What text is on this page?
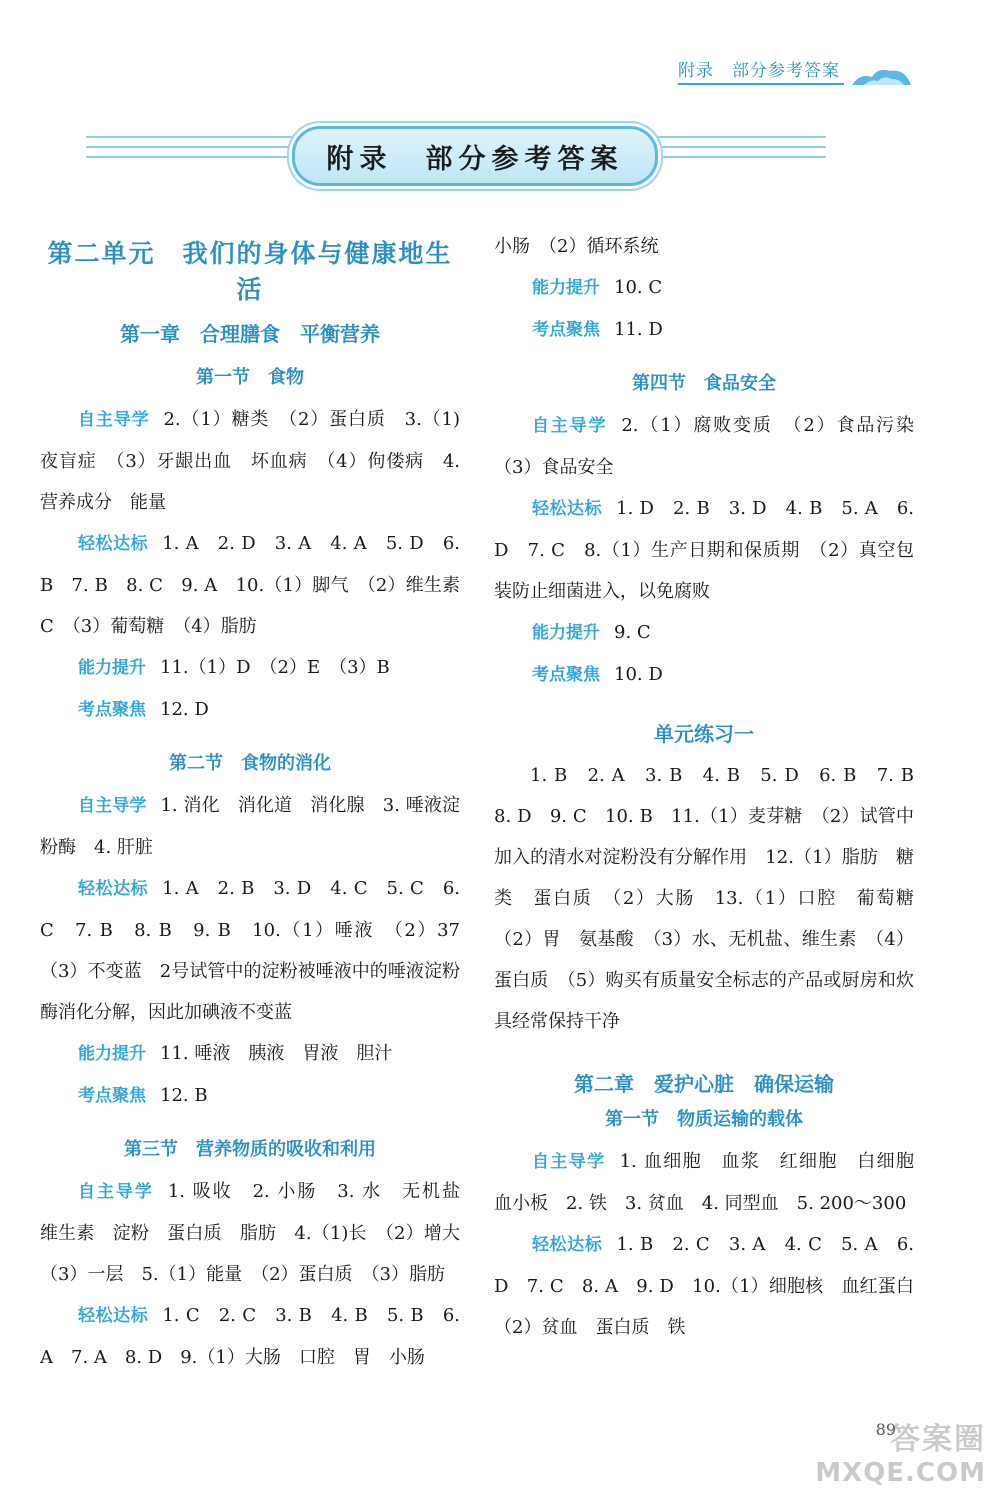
附录　部分参考答案
附录　部分参考答案
第二单元　我们的身体与健康地生活
第一章　合理膳食　平衡营养
第一节　食物

自主导学 2.（1）糖类　（2）蛋白质　3.（1)夜盲症　（3）牙龈出血　坏血病　（4）佝偻病　4. 营养成分　能量

轻松达标 1. A　2. D　3. A　4. A　5. D　6. B　7. B　8. C　9. A　10.（1）脚气　（2）维生素C　（3）葡萄糖　（4）脂肪

能力提升 11.（1）D　（2）E　（3）B

考点聚焦 12. D

第二节　食物的消化

自主导学 1. 消化　消化道　消化腺　3. 唾液淀粉酶　4. 肝脏

轻松达标 1. A　2. B　3. D　4. C　5. C　6. C　7. B　8. B　9. B　10.（1）唾液　（2）37　（3）不变蓝　2号试管中的淀粉被唾液中的唾液淀粉酶消化分解，因此加碘液不变蓝

能力提升 11. 唾液　胰液　胃液　胆汁

考点聚焦 12. B

第三节　营养物质的吸收和利用

自主导学 1. 吸收　2. 小肠　3. 水　无机盐　维生素　淀粉　蛋白质　脂肪　4.（1)长　（2）增大　（3）一层　5.（1）能量　（2）蛋白质　（3）脂肪

轻松达标 1. C　2. C　3. B　4. B　5. B　6. A　7. A　8. D　9.（1）大肠　口腔　胃　小肠

小肠　（2）循环系统

能力提升 10. C

考点聚焦 11. D

第四节　食品安全

自主导学 2.（1）腐败变质　（2）食品污染　（3）食品安全

轻松达标 1. D　2. B　3. D　4. B　5. A　6. D　7. C　8.（1）生产日期和保质期　（2）真空包装防止细菌进入，以免腐败

能力提升 9. C

考点聚焦 10. D

单元练习一

1. B　2. A　3. B　4. B　5. D　6. B　7. B　8. D　9. C　10. B　11.（1）麦芽糖　（2）试管中加入的清水对淀粉没有分解作用　12.（1）脂肪　糖类　蛋白质　（2）大肠　13.（1）口腔　葡萄糖　（2）胃　氨基酸　（3）水、无机盐、维生素　（4）蛋白质　（5）购买有质量安全标志的产品或厨房和炊具经常保持干净

第二章　爱护心脏　确保运输
第一节　物质运输的载体

自主导学 1. 血细胞　血浆　红细胞　白细胞　血小板　2. 铁　3. 贫血　4. 同型血　5. 200～300

轻松达标 1. B　2. C　3. A　4. C　5. A　6. D　7. C　8. A　9. D　10.（1）细胞核　血红蛋白　（2）贫血　蛋白质　铁

89
答案圈
MXQE.COM
